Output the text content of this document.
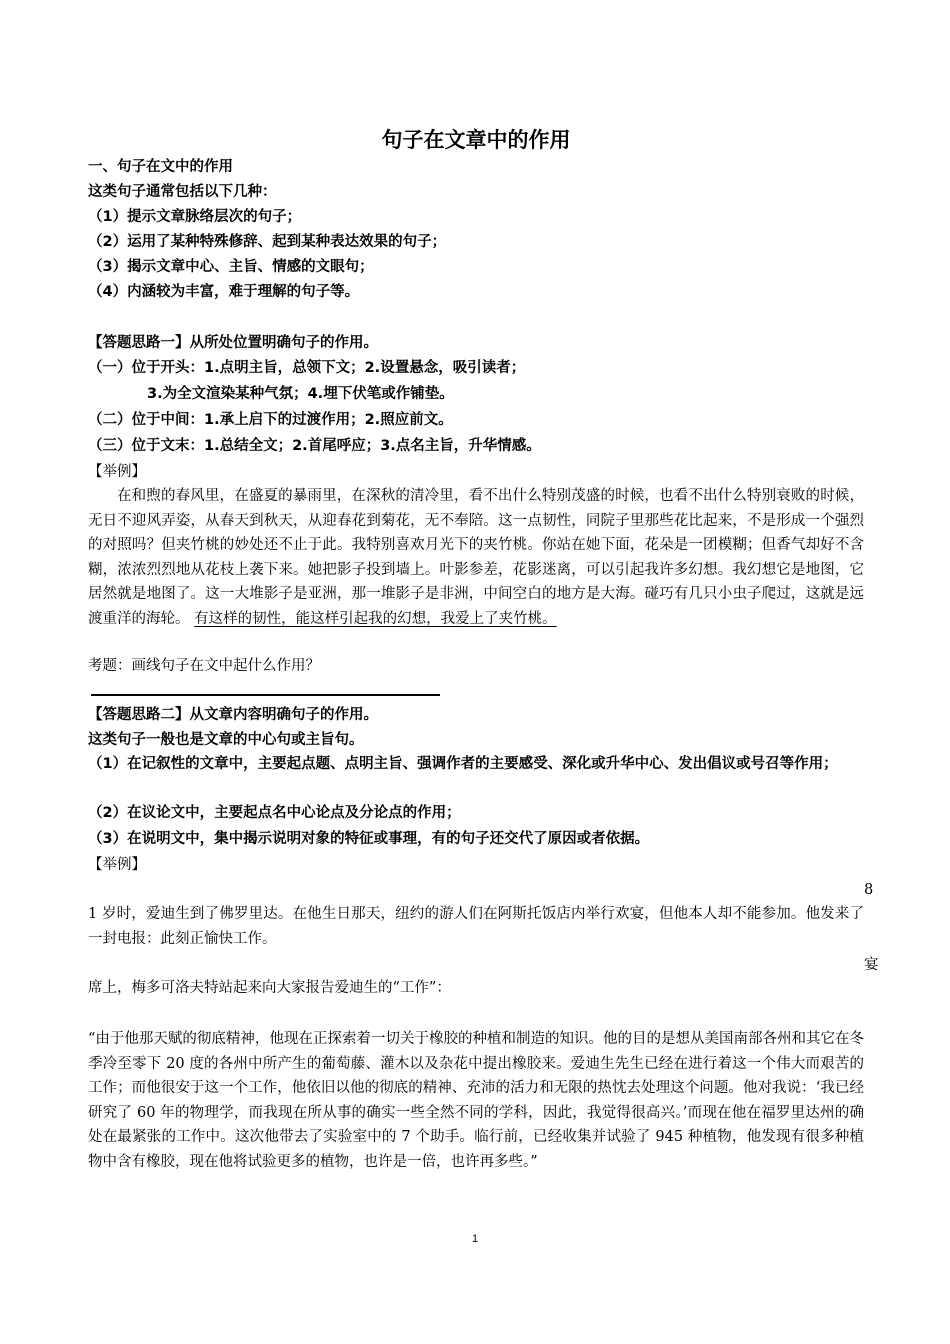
句子在文章中的作用
一、句子在文中的作用
这类句子通常包括以下几种：
（1）提示文章脉络层次的句子；
（2）运用了某种特殊修辞、起到某种表达效果的句子；
（3）揭示文章中心、主旨、情感的文眼句；
（4）内涵较为丰富，难于理解的句子等。
【答题思路一】从所处位置明确句子的作用。
（一）位于开头：1.点明主旨，总领下文；2.设置悬念，吸引读者；
3.为全文渲染某种气氛；4.埋下伏笔或作铺垫。
（二）位于中间：1.承上启下的过渡作用；2.照应前文。
（三）位于文末：1.总结全文；2.首尾呼应；3.点名主旨，升华情感。
【举例】
在和煦的春风里，在盛夏的暴雨里，在深秋的清冷里，看不出什么特别茂盛的时候，也看不出什么特别衰败的时候，无日不迎风弄姿，从春天到秋天，从迎春花到菊花，无不奉陪。这一点韧性，同院子里那些花比起来，不是形成一个强烈的对照吗？但夹竹桃的妙处还不止于此。我特别喜欢月光下的夹竹桃。你站在她下面，花朵是一团模糊；但香气却好不含糊，浓浓烈烈地从花枝上袭下来。她把影子投到墙上。叶影参差，花影迷离，可以引起我许多幻想。我幻想它是地图，它居然就是地图了。这一大堆影子是亚洲，那一堆影子是非洲，中间空白的地方是大海。碰巧有几只小虫子爬过，这就是远渡重洋的海轮。 有这样的韧性，能这样引起我的幻想，我爱上了夹竹桃。
考题：画线句子在文中起什么作用？
【答题思路二】从文章内容明确句子的作用。
这类句子一般也是文章的中心句或主旨句。
（1）在记叙性的文章中，主要起点题、点明主旨、强调作者的主要感受、深化或升华中心、发出倡议或号召等作用；
（2）在议论文中，主要起点名中心论点及分论点的作用；
（3）在说明文中，集中揭示说明对象的特征或事理，有的句子还交代了原因或者依据。
【举例】
8
1 岁时，爱迪生到了佛罗里达。在他生日那天，纽约的游人们在阿斯托饭店内举行欢宴，但他本人却不能参加。他发来了一封电报：此刻正愉快工作。
宴
席上，梅多可洛夫特站起来向大家报告爱迪生的“工作”：
“由于他那天赋的彻底精神，他现在正探索着一切关于橡胶的种植和制造的知识。他的目的是想从美国南部各州和其它在冬季冷至零下 20 度的各州中所产生的葡萄藤、灌木以及杂花中提出橡胶来。爱迪生先生已经在进行着这一个伟大而艰苦的工作；而他很安于这一个工作，他依旧以他的彻底的精神、充沛的活力和无限的热忱去处理这个问题。他对我说：‘我已经研究了 60 年的物理学，而我现在所从事的确实一些全然不同的学科，因此，我觉得很高兴。’而现在他在福罗里达州的确处在最紧张的工作中。这次他带去了实验室中的 7 个助手。临行前，已经收集并试验了 945 种植物，他发现有很多种植物中含有橡胶，现在他将试验更多的植物，也许是一倍，也许再多些。”
1
